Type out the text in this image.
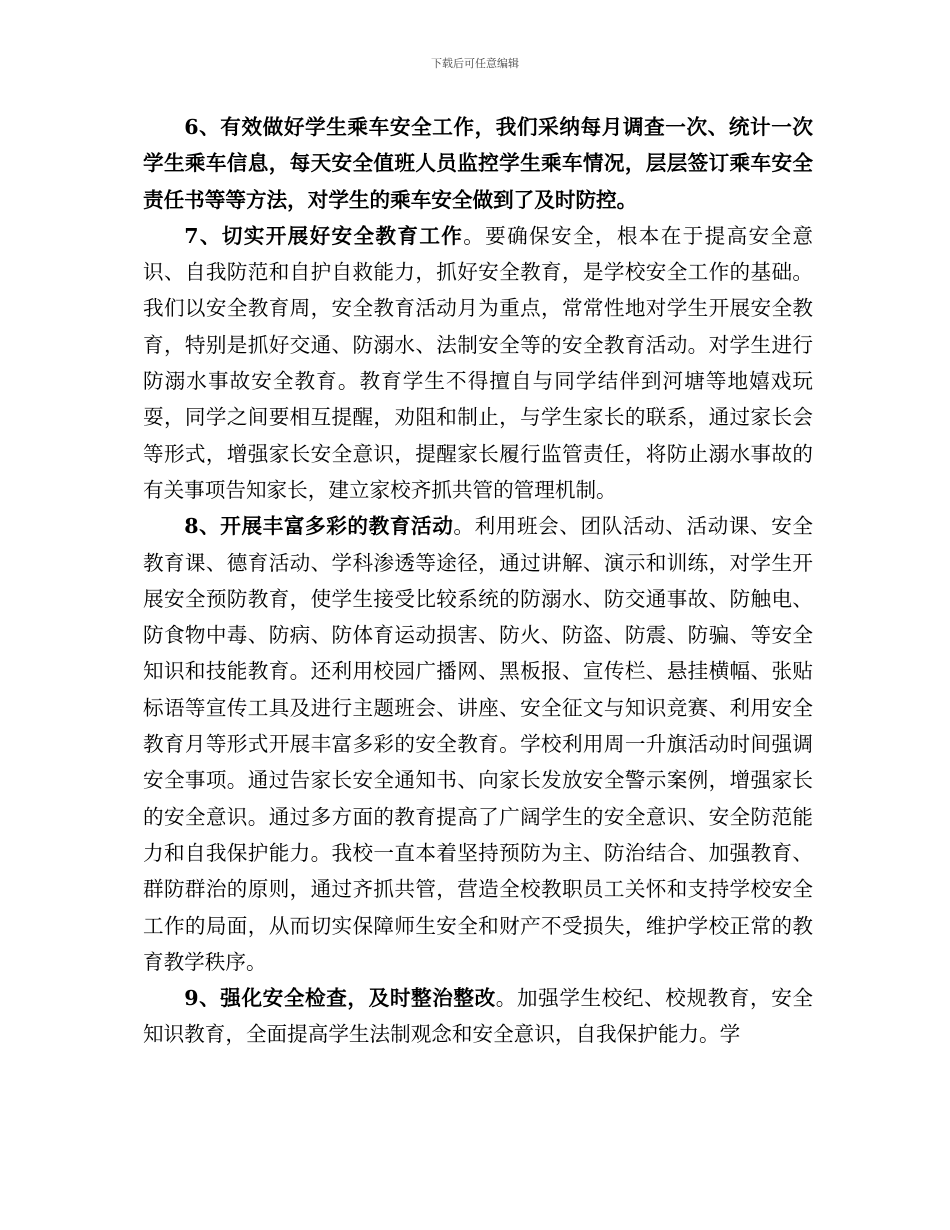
下载后可任意编辑

6、有效做好学生乘车安全工作，我们采纳每月调查一次、统计一次学生乘车信息，每天安全值班人员监控学生乘车情况，层层签订乘车安全责任书等等方法，对学生的乘车安全做到了及时防控。

7、切实开展好安全教育工作。要确保安全，根本在于提高安全意识、自我防范和自护自救能力，抓好安全教育，是学校安全工作的基础。我们以安全教育周，安全教育活动月为重点，常常性地对学生开展安全教育，特别是抓好交通、防溺水、法制安全等的安全教育活动。对学生进行防溺水事故安全教育。教育学生不得擅自与同学结伴到河塘等地嬉戏玩耍，同学之间要相互提醒，劝阻和制止，与学生家长的联系，通过家长会等形式，增强家长安全意识，提醒家长履行监管责任，将防止溺水事故的有关事项告知家长，建立家校齐抓共管的管理机制。

8、开展丰富多彩的教育活动。利用班会、团队活动、活动课、安全教育课、德育活动、学科渗透等途径，通过讲解、演示和训练，对学生开展安全预防教育，使学生接受比较系统的防溺水、防交通事故、防触电、防食物中毒、防病、防体育运动损害、防火、防盗、防震、防骗、等安全知识和技能教育。还利用校园广播网、黑板报、宣传栏、悬挂横幅、张贴标语等宣传工具及进行主题班会、讲座、安全征文与知识竞赛、利用安全教育月等形式开展丰富多彩的安全教育。学校利用周一升旗活动时间强调安全事项。通过告家长安全通知书、向家长发放安全警示案例，增强家长的安全意识。通过多方面的教育提高了广阔学生的安全意识、安全防范能力和自我保护能力。我校一直本着坚持预防为主、防治结合、加强教育、群防群治的原则，通过齐抓共管，营造全校教职员工关怀和支持学校安全工作的局面，从而切实保障师生安全和财产不受损失，维护学校正常的教育教学秩序。

9、强化安全检查，及时整治整改。加强学生校纪、校规教育，安全知识教育，全面提高学生法制观念和安全意识，自我保护能力。学
